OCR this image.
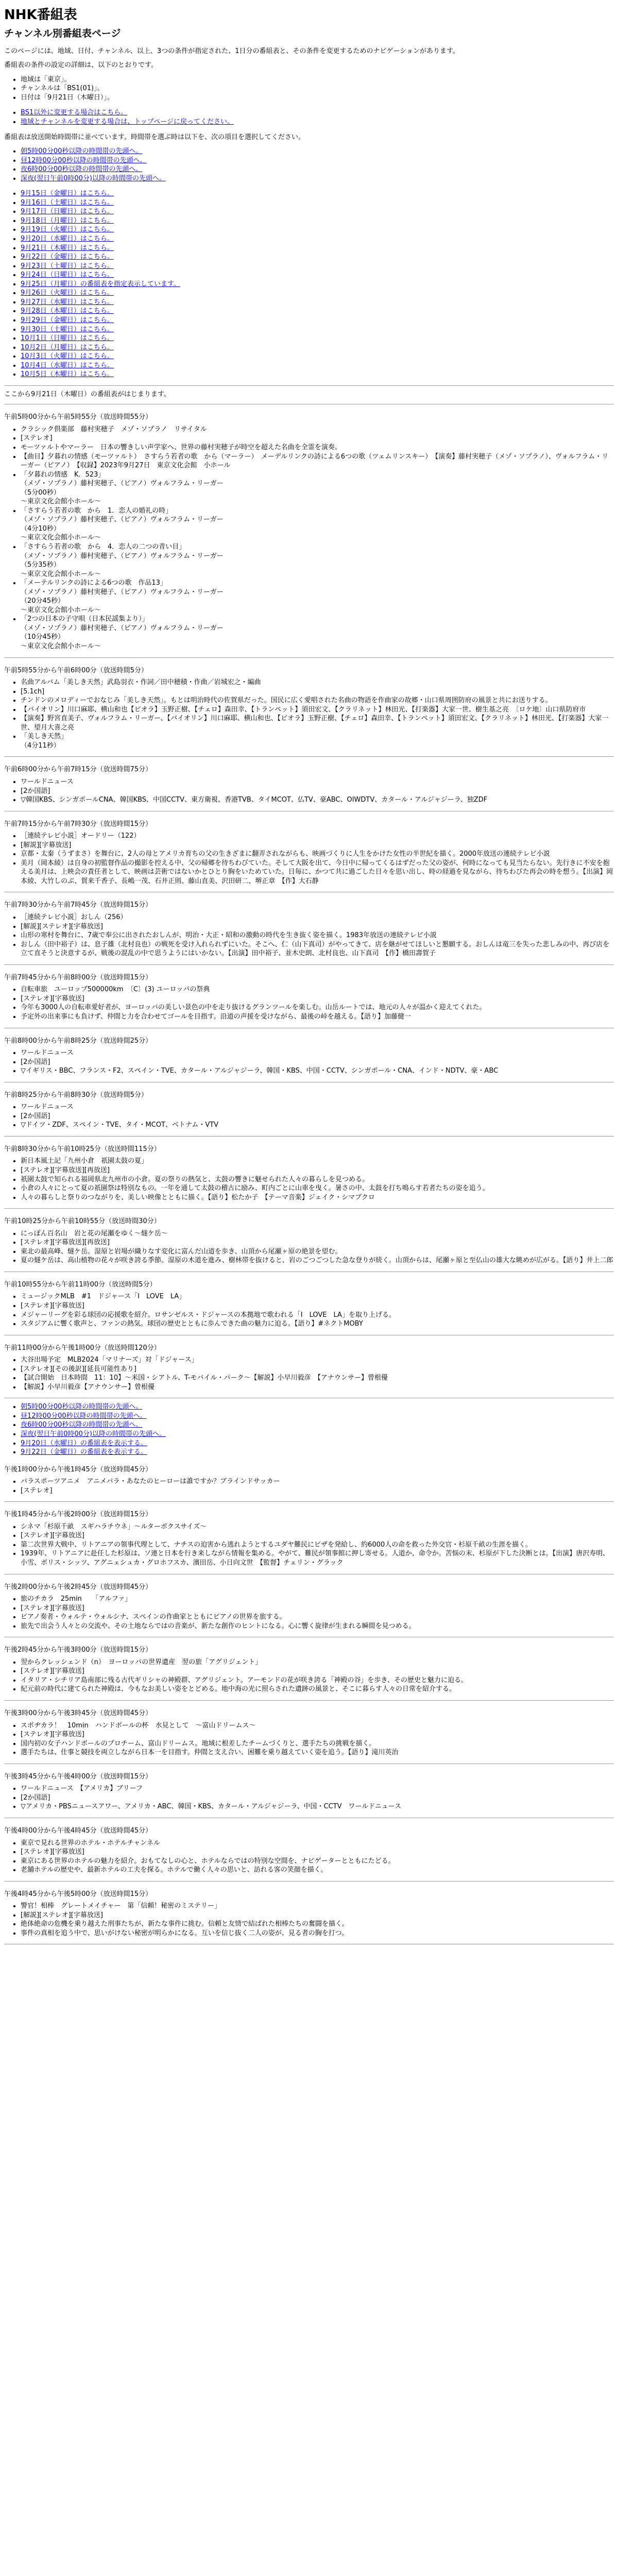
NHK番組表
チャンネル別番組表ページ

このページには、地域、日付、チャンネル、以上、3つの条件が指定された、1日分の番組表と、その条件を変更するためのナビゲーションがあります。

番組表の条件の設定の詳細は、以下のとおりです。

• 地域は「東京」。
• チャンネルは「BS1(01)」。
• 日付は「9月21日（木曜日）」。
• BS1以外に変更する場合はこちら。
• 地域とチャンネルを変更する場合は、トップページに戻ってください。

番組表は放送開始時間帯に並べています。時間帯を選ぶ時は以下を、次の項目を選択してください。

• 朝5時00分00秒以降の時間帯の先頭へ。
• 昼12時00分00秒以降の時間帯の先頭へ。
• 夜6時00分00秒以降の時間帯の先頭へ。
• 深夜(翌日午前0時00分)以降の時間帯の先頭へ。
• 9月15日（金曜日）はこちら。
• 9月16日（土曜日）はこちら。
• 9月17日（日曜日）はこちら。
• 9月18日（月曜日）はこちら。
• 9月19日（火曜日）はこちら。
• 9月20日（水曜日）はこちら。
• 9月21日（木曜日）はこちら。
• 9月22日（金曜日）はこちら。
• 9月23日（土曜日）はこちら。
• 9月24日（日曜日）はこちら。
• 9月25日（月曜日）の番組表を指定表示しています。
• 9月26日（火曜日）はこちら。
• 9月27日（水曜日）はこちら。
• 9月28日（木曜日）はこちら。
• 9月29日（金曜日）はこちら。
• 9月30日（土曜日）はこちら。
• 10月1日（日曜日）はこちら。
• 10月2日（月曜日）はこちら。
• 10月3日（火曜日）はこちら。
• 10月4日（水曜日）はこちら。
• 10月5日（木曜日）はこちら。

ここから9月21日（木曜日）の番組表がはじまります。

午前5時00分から午前5時55分（放送時間55分）

• クラシック倶楽部　藤村実穂子　メゾ・ソプラノ　リサイタル
• [ステレオ]
• モーツァルトやマーラー　日本の響きしい声学家へ、世界の藤村実穂子が時空を超えた名曲を全霊を演奏。
• 【曲目】夕暮れの情感（モーツァルト）　さすらう若者の歌　から（マーラー）　メーデルリンクの詩による6つの歌（ツェムリンスキー）　【演奏】藤村実穂子（メゾ・ソプラノ）、ヴォルフラム・リーガー（ピアノ）　【収録】2023年9月27日　東京文化会館　小ホール
• 「夕暮れの情感　K．523」
（メゾ・ソプラノ）藤村実穂子、（ピアノ）ヴォルフラム・リーガー
（5分00秒）
〜東京文化会館小ホール〜
• 「さすらう若者の歌　から　1．恋人の婚礼の時」
（メゾ・ソプラノ）藤村実穂子、（ピアノ）ヴォルフラム・リーガー
（4分10秒）
〜東京文化会館小ホール〜
• 「さすらう若者の歌　から　4．恋人の二つの青い目」
（メゾ・ソプラノ）藤村実穂子、（ピアノ）ヴォルフラム・リーガー
（5分35秒）
〜東京文化会館小ホール〜
• 「メーテルリンクの詩による6つの歌　作品13」
（メゾ・ソプラノ）藤村実穂子、（ピアノ）ヴォルフラム・リーガー
（20分45秒）
〜東京文化会館小ホール〜
• 「2つの日本の子守唄（日本民謡集より）」
（メゾ・ソプラノ）藤村実穂子、（ピアノ）ヴォルフラム・リーガー
（10分45秒）
〜東京文化会館小ホール〜

午前5時55分から午前6時00分（放送時間5分）

• 名曲アルバム「美しき天然」武島羽衣・作詞／田中穂積・作曲／岩城宏之・編曲
• [5.1ch]
• チンドンのメロディーでおなじみ「美しき天然」。もとは明治時代の佐賀県だった。国民に広く愛唱された名曲の物語を作曲家の故郷・山口県周囲防府の風景と共にお送りする。
• 【バイオリン】川口麻耶、横山和也【ビオラ】玉野正樹、【チェロ】森田幸、【トランペット】須田宏文、【クラリネット】林田光、【打楽器】大家一世、樹生基之亮　〔ロケ地〕山口県防府市
• 【演奏】野宮直美子、ヴォルフラム・リーガー、【バイオリン】川口麻耶、横山和也、【ビオラ】玉野正樹、【チェロ】森田幸、【トランペット】須田宏文、【クラリネット】林田光、【打楽器】大家一世、望月大喜之亮
• 「美しき天然」
（4分11秒）

午前6時00分から午前7時15分（放送時間75分）

• ワールドニュース
• [2か国語]
• ▽韓国KBS、シンガポールCNA、韓国KBS、中国CCTV、東方衛視、香港TVB、タイMCOT、仏TV、豪ABC、OIWDTV、カタール・アルジャジーラ、独ZDF

午前7時15分から午前7時30分（放送時間15分）

• ［連続テレビ小説］オードリー（122）
• [解説][字幕放送]
• 京都・太秦（うずまさ）を舞台に、2人の母とアメリカ育ちの父の生きざまに翻弄されながらも、映画づくりに人生をかけた女性の半世紀を描く。2000年放送の連続テレビ小説
• 美月（岡本綾）は自身の初監督作品の撮影を控える中、父の帰郷を待ちわびていた。そして大阪を出て、今日中に帰ってくるはずだった父の姿が、何時になっても見当たらない。先行きに不安を抱える美月は、上映会の責任者として、映画は芸術ではないかとひとり胸をいためていた。日毎に、かつて共に過ごした日々を思い出し、時の経過を見ながら、待ちわびた再会の時を想う。【出演】岡本綾、大竹しのぶ、賀来千香子、長嶋一茂、石井正則、藤山直美、沢田研二、堺正章　【作】大石静

午前7時30分から午前7時45分（放送時間15分）

• ［連続テレビ小説］おしん（256）
• [解説][ステレオ][字幕放送]
• 山形の寒村を舞台に、7歳で奉公に出されたおしんが、明治・大正・昭和の激動の時代を生き抜く姿を描く。1983年放送の連続テレビ小説
• おしん（田中裕子）は、息子雄（北村良也）の戦死を受け入れられずにいた。そこへ、仁（山下真司）がやってきて、店を継がせてほしいと懇願する。おしんは竜三を失った悲しみの中、再び店を立て直そうと決意するが、戦後の混乱の中で思うようにはいかない。【出演】田中裕子、並木史朗、北村良也、山下真司　【作】橋田壽賀子

午前7時45分から午前8時00分（放送時間15分）

• 自転車旅　ユーロップ500000km　〔C〕(3) ユーロッパの祭典
• [ステレオ][字幕放送]
• 今年も3000人の自転車愛好者が、ヨーロッパの美しい景色の中を走り抜けるグランツールを楽しむ。山岳ルートでは、地元の人々が温かく迎えてくれた。
• 予定外の出来事にも負けず、仲間と力を合わせてゴールを目指す。沿道の声援を受けながら、最後の峠を越える。【語り】加藤健一

午前8時00分から午前8時25分（放送時間25分）

• ワールドニュース
• [2か国語]
• ▽イギリス・BBC、フランス・F2、スペイン・TVE、カタール・アルジャジーラ、韓国・KBS、中国・CCTV、シンガポール・CNA、インド・NDTV、豪・ABC

午前8時25分から午前8時30分（放送時間5分）

• ワールドニュース
• [2か国語]
• ▽ドイツ・ZDF、スペイン・TVE、タイ・MCOT、ベトナム・VTV

午前8時30分から午前10時25分（放送時間115分）

• 新日本風土記「九州小倉　祇園太鼓の夏」
• [ステレオ][字幕放送][再放送]
• 祇園太鼓で知られる福岡県北九州市の小倉。夏の祭りの熱気と、太鼓の響きに魅せられた人々の暮らしを見つめる。
• 小倉の人々にとって夏の祇園祭は特別なもの。一年を通して太鼓の稽古に励み、町内ごとに山車を曳く。暑さの中、太鼓を打ち鳴らす若者たちの姿を追う。
• 人々の暮らしと祭りのつながりを、美しい映像とともに描く。【語り】松たか子　【テーマ音楽】ジェイク・シマブクロ

午前10時25分から午前10時55分（放送時間30分）

• にっぽん百名山　岩と花の尾瀬をゆく〜燧ケ岳〜
• [ステレオ][字幕放送][再放送]
• 東北の最高峰、燧ケ岳。湿原と岩場が織りなす変化に富んだ山道を歩き、山頂から尾瀬ヶ原の絶景を望む。
• 夏の燧ケ岳は、高山植物の花々が咲き誇る季節。湿原の木道を進み、樹林帯を抜けると、岩のごつごつした急な登りが続く。山頂からは、尾瀬ヶ原と至仏山の雄大な眺めが広がる。【語り】井上二郎

午前10時55分から午前11時00分（放送時間5分）

• ミュージックMLB　#1　ドジャース「I　LOVE　LA」
• [ステレオ][字幕放送]
• メジャーリーグを彩る球団の応援歌を紹介。ロサンゼルス・ドジャースの本拠地で歌われる「I　LOVE　LA」を取り上げる。
• スタジアムに響く歌声と、ファンの熱気。球団の歴史とともに歩んできた曲の魅力に迫る。【語り】#ネクトMOBY

午前11時00分から午後1時00分（放送時間120分）

• 大谷出場予定　MLB2024「マリナーズ」対「ドジャース」
• [ステレオ][その後訳][延長可能性あり]
• 【試合開始　日本時間　11：10】〜米国・シアトル、T-モバイル・パーク〜【解説】小早川毅彦　【アナウンサー】曾根優
• 【解説】小早川毅彦【アナウンサー】曾根優
• 朝5時00分00秒以降の時間帯の先頭へ。
• 昼12時00分00秒以降の時間帯の先頭へ。
• 夜6時00分00秒以降の時間帯の先頭へ。
• 深夜(翌日午前0時00分)以降の時間帯の先頭へ。
• 9月20日（水曜日）の番組表を表示する。
• 9月22日（金曜日）の番組表を表示する。

午後1時00分から午後1時45分（放送時間45分）

• パラスポーツアニメ　アニメパラ・あなたのヒーローは誰ですか？ブラインドサッカー
• [ステレオ]

午後1時45分から午後2時00分（放送時間15分）

• シネマ「杉原千畝　スギハラチウネ」〜ルターボクスサイズ〜
• [ステレオ][字幕放送]
• 第二次世界大戦中、リトアニアの領事代理として、ナチスの迫害から逃れようとするユダヤ難民にビザを発給し、約6000人の命を救った外交官・杉原千畝の生涯を描く。
• 1939年、リトアニアに赴任した杉原は、ソ連と日本を行き来しながら情報を集める。やがて、難民が領事館に押し寄せる。人道か、命令か。苦悩の末、杉原が下した決断とは。【出演】唐沢寿明、小雪、ボリス・シッツ、アグニェシュカ・グロホフスカ、濱田岳、小日向文世　【監督】チェリン・グラック

午後2時00分から午後2時45分（放送時間45分）

• 旅のチカラ　25min　　「アルファ」
• [ステレオ][字幕放送]
• ピアノ奏者・ウォルテ・ウォルシナ、スペインの作曲家とともにピアノの世界を旅する。
• 旅先で出会う人々との交流や、その土地ならではの音楽が、新たな創作のヒントになる。心に響く旋律が生まれる瞬間を見つめる。

午後2時45分から午後3時00分（放送時間15分）

• 翌からクレッシェンド（n）　ヨーロッパの世界遺産　翌の旅「アグリジェント」
• [ステレオ][字幕放送]
• イタリア・シチリア島南部に残る古代ギリシャの神殿群、アグリジェント。アーモンドの花が咲き誇る「神殿の谷」を歩き、その歴史と魅力に迫る。
• 紀元前の時代に建てられた神殿は、今もなお美しい姿をとどめる。地中海の光に照らされた遺跡の風景と、そこに暮らす人々の日常を紹介する。

午後3時00分から午後3時45分（放送時間45分）

• スポヂカラ！　10min　ハンドボールの杯　水見として　〜富山ドリームス〜
• [ステレオ][字幕放送]
• 国内初の女子ハンドボールのプロチーム、富山ドリームス。地域に根差したチームづくりと、選手たちの挑戦を描く。
• 選手たちは、仕事と競技を両立しながら日本一を目指す。仲間と支え合い、困難を乗り越えていく姿を追う。【語り】滝川英治

午後3時45分から午後4時00分（放送時間15分）

• ワールドニュース　【アメリカ】ブリーフ
• [2か国語]
• ▽アメリカ・PBSニュースアワー、アメリカ・ABC、韓国・KBS、カタール・アルジャジーラ、中国・CCTV　ワールドニュース

午後4時00分から午後4時45分（放送時間45分）

• 東京で見れる世界のホテル・ホテルチャンネル
• [ステレオ][字幕放送]
• 東京にある世界のホテルの魅力を紹介。おもてなしの心と、ホテルならではの特別な空間を、ナビゲーターとともにたどる。
• 老舗ホテルの歴史や、最新ホテルの工夫を探る。ホテルで働く人々の思いと、訪れる客の笑顔を描く。

午後4時45分から午後5時00分（放送時間15分）

• 警官！相棒　グレートメイチャー　第「信頼！秘密のミステリー」
• [解説][ステレオ][字幕放送]
• 絶体絶命の危機を乗り越えた刑事たちが、新たな事件に挑む。信頼と友情で結ばれた相棒たちの奮闘を描く。
• 事件の真相を追う中で、思いがけない秘密が明らかになる。互いを信じ抜く二人の姿が、見る者の胸を打つ。
